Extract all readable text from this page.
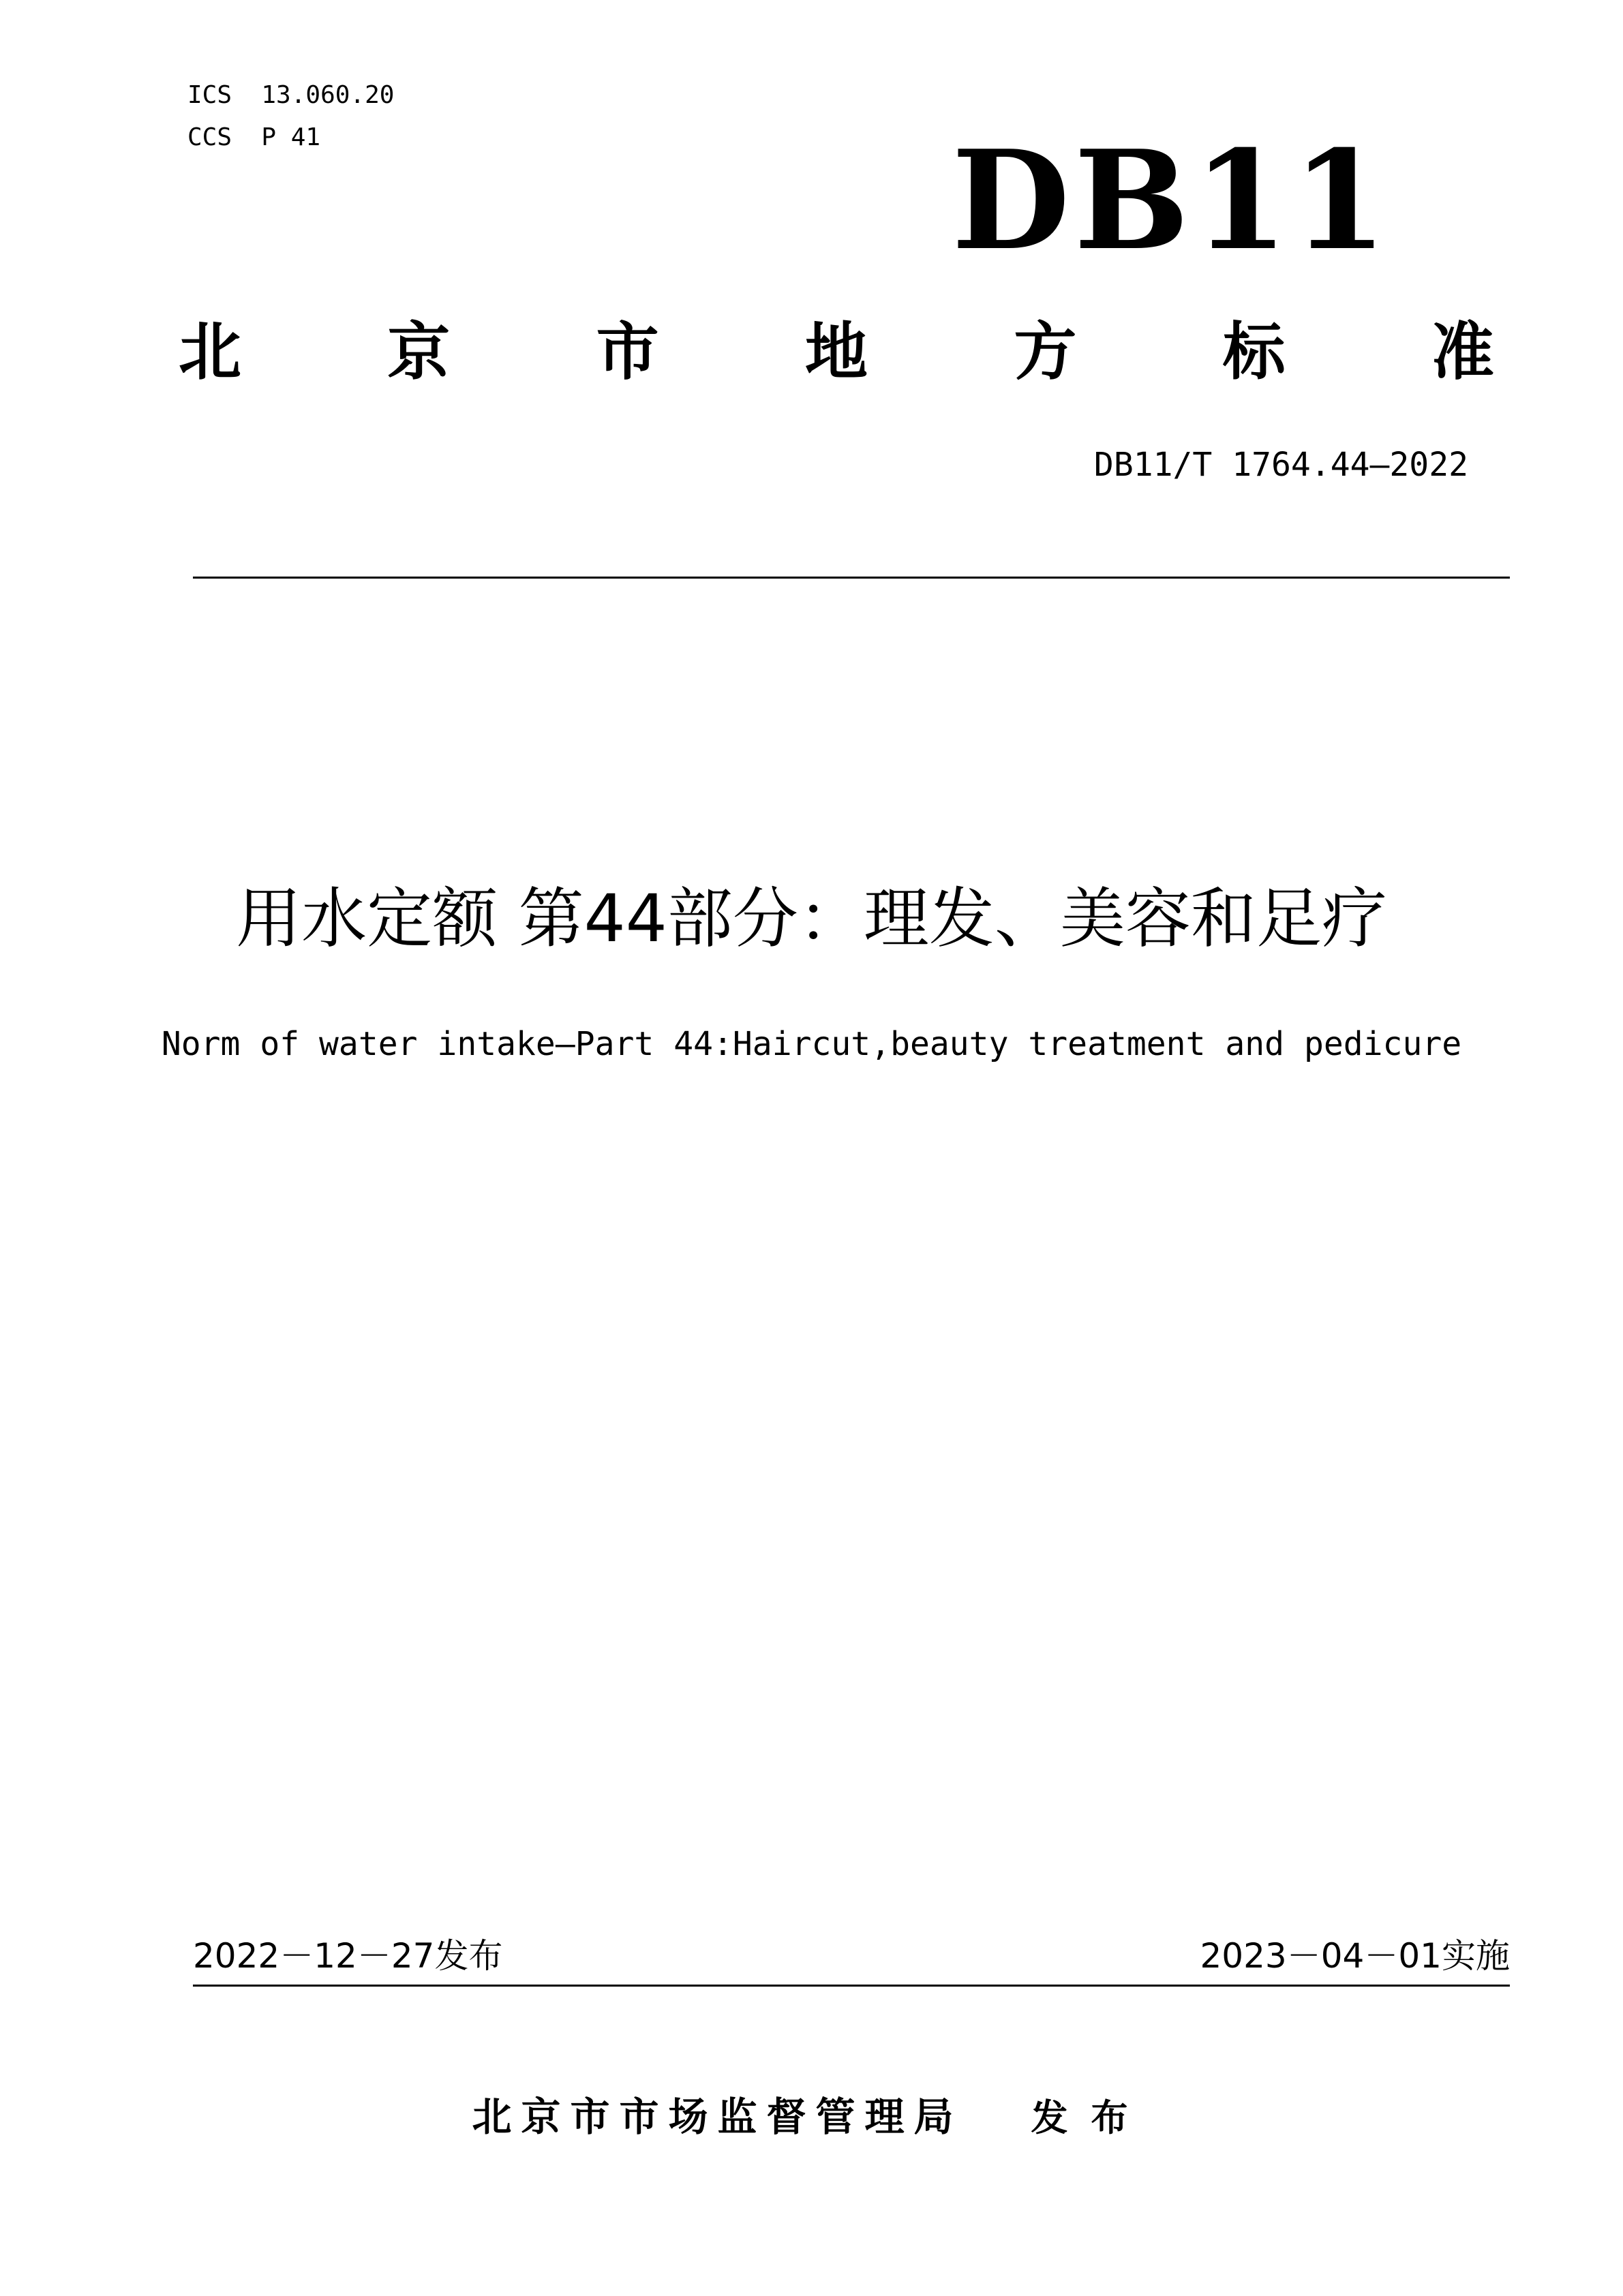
ICS  13.060.20
CCS  P 41	DB11
北 京 市 地 方 标 准
DB11/T 1764.44—2022
用水定额 第44部分：理发、美容和足疗
Norm of water intake—Part 44:Haircut,beauty treatment and pedicure
2022－12－27发布	2023－04－01实施
北京市市场监督管理局 发布
